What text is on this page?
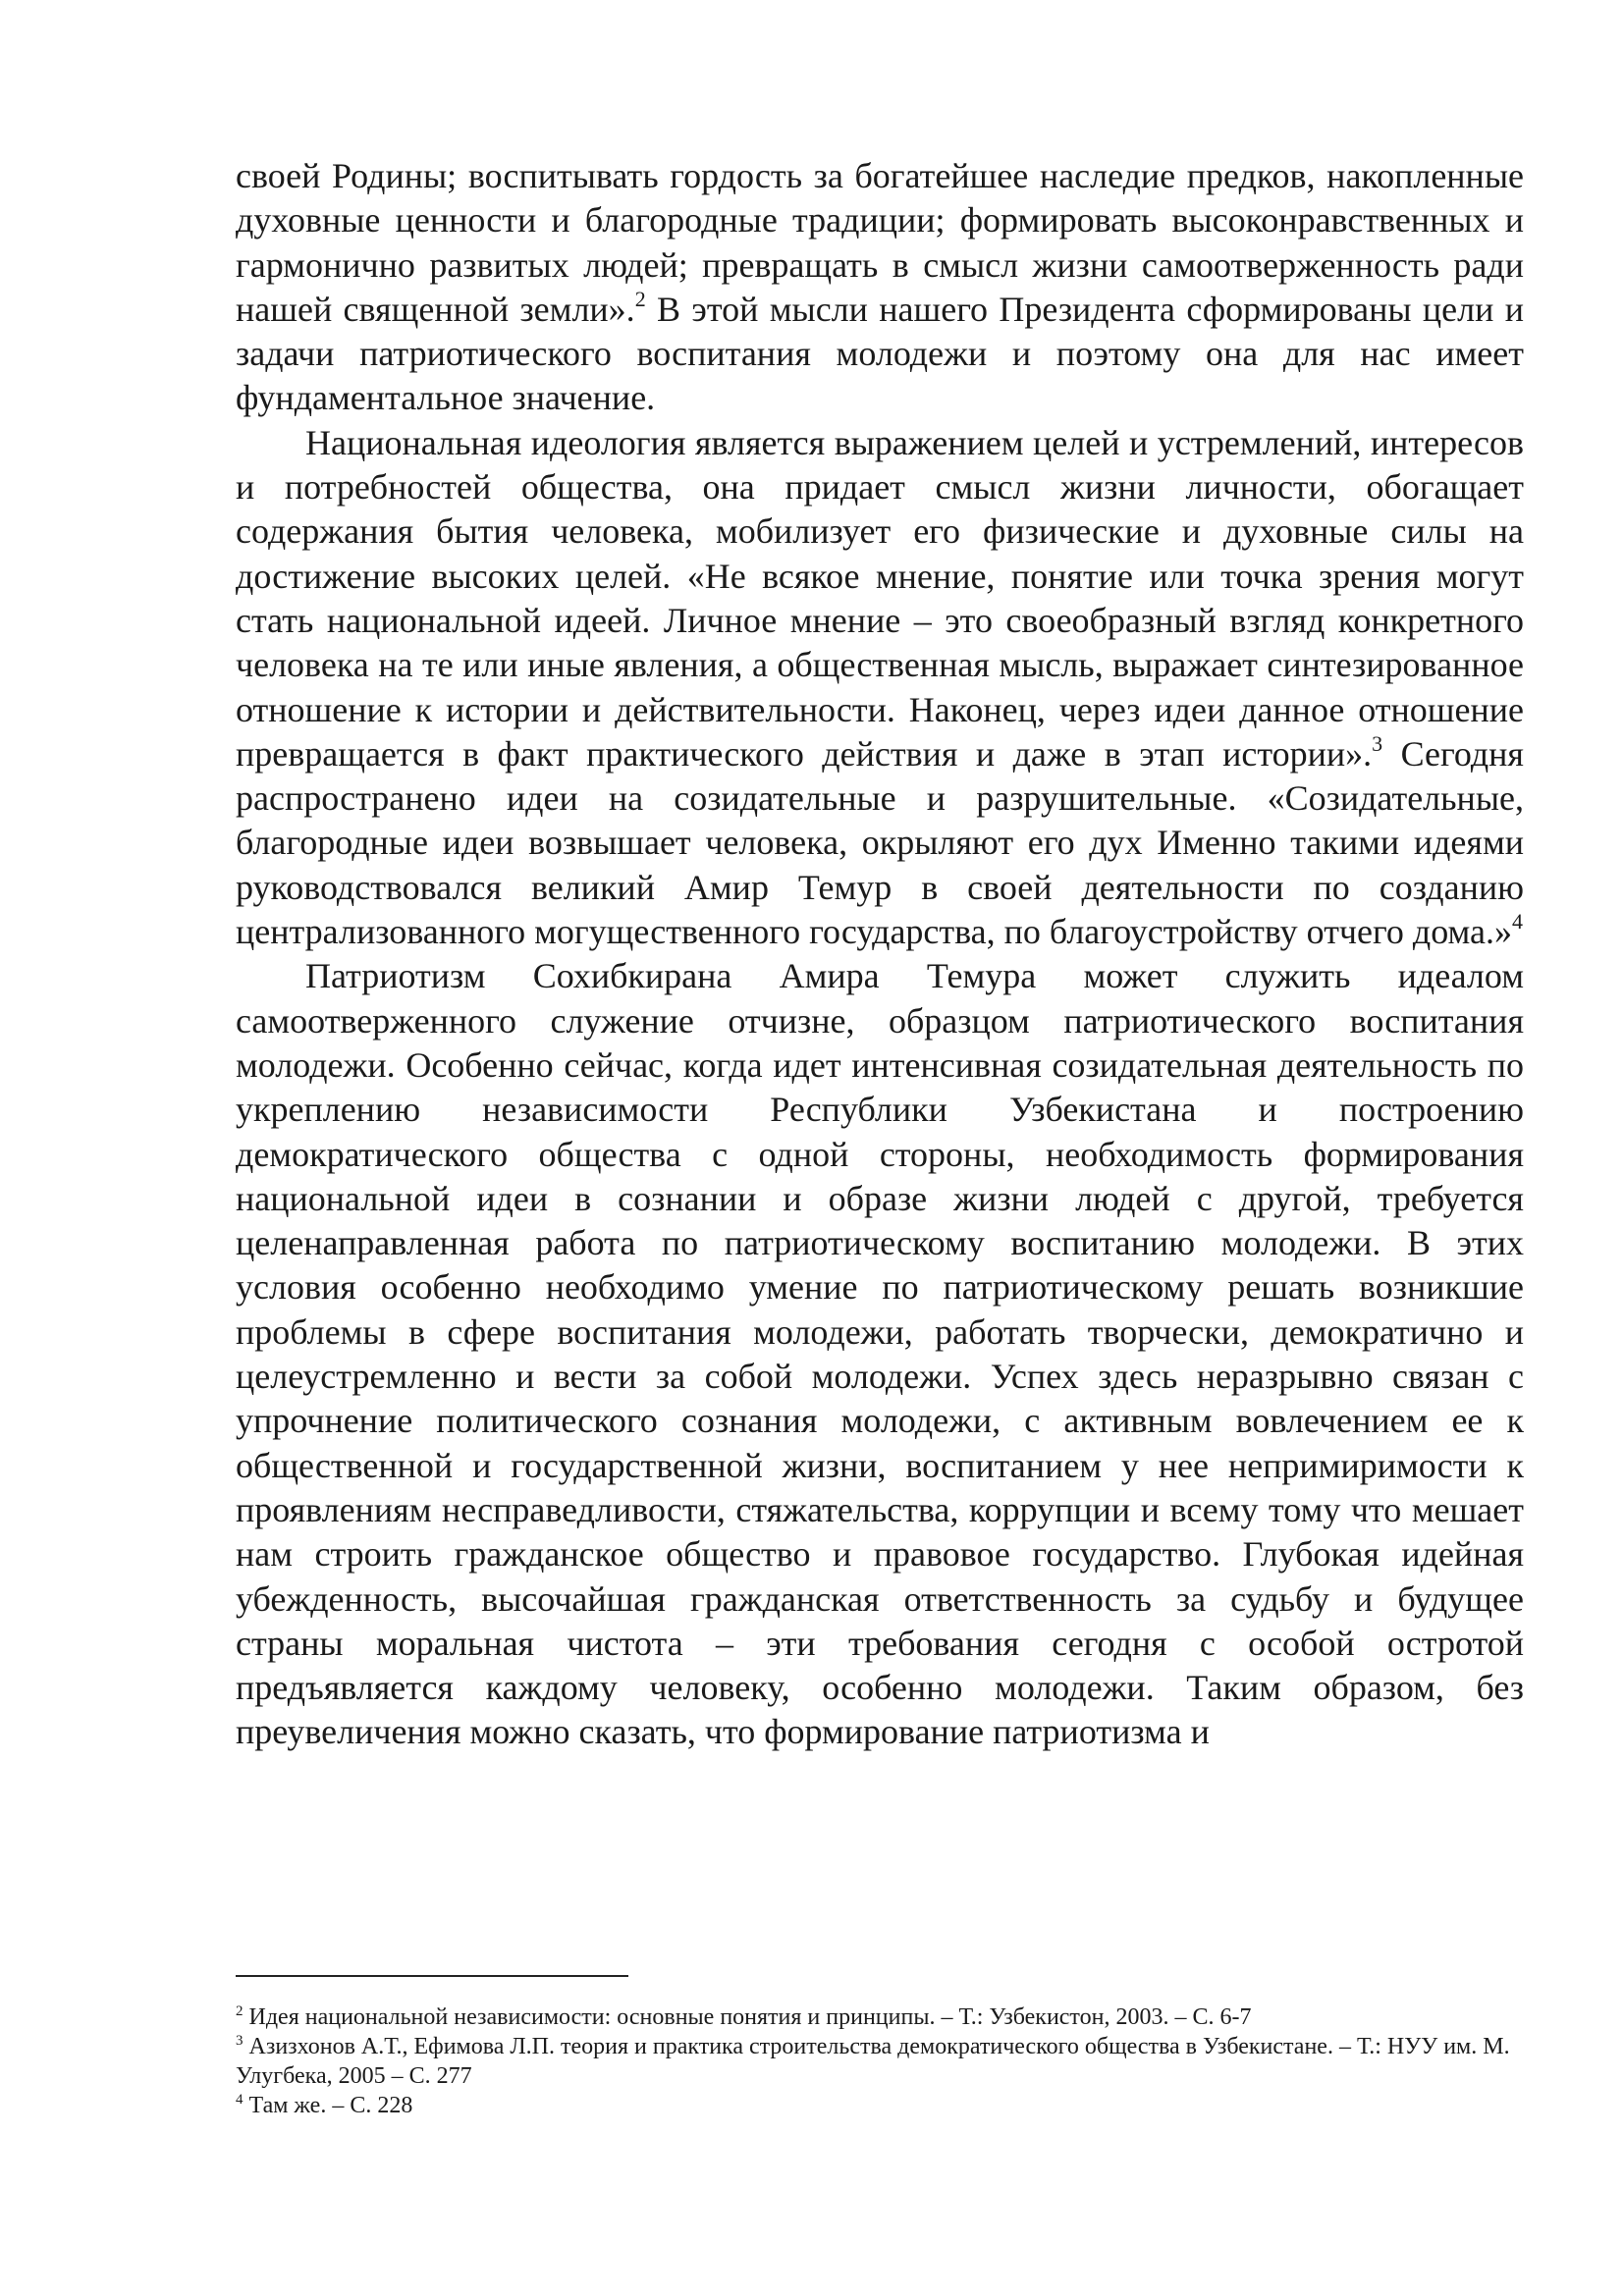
своей Родины; воспитывать гордость за богатейшее наследие предков, накопленные духовные ценности и благородные традиции; формировать высоконравственных и гармонично развитых людей; превращать в смысл жизни самоотверженность ради нашей священной земли».$^2$ В этой мысли нашего Президента сформированы цели и задачи патриотического воспитания молодежи и поэтому она для нас имеет фундаментальное значение.

Национальная идеология является выражением целей и устремлений, интересов и потребностей общества, она придает смысл жизни личности, обогащает содержания бытия человека, мобилизует его физические и духовные силы на достижение высоких целей. «Не всякое мнение, понятие или точка зрения могут стать национальной идеей. Личное мнение – это своеобразный взгляд конкретного человека на те или иные явления, а общественная мысль, выражает синтезированное отношение к истории и действительности. Наконец, через идеи данное отношение превращается в факт практического действия и даже в этап истории».$^3$ Сегодня распространено идеи на созидательные и разрушительные. «Созидательные, благородные идеи возвышает человека, окрыляют его дух Именно такими идеями руководствовался великий Амир Темур в своей деятельности по созданию централизованного могущественного государства, по благоустройству отчего дома.»$^4$

Патриотизм Сохибкирана Амира Темура может служить идеалом самоотверженного служение отчизне, образцом патриотического воспитания молодежи. Особенно сейчас, когда идет интенсивная созидательная деятельность по укреплению независимости Республики Узбекистана и построению демократического общества с одной стороны, необходимость формирования национальной идеи в сознании и образе жизни людей с другой, требуется целенаправленная работа по патриотическому воспитанию молодежи. В этих условия особенно необходимо умение по патриотическому решать возникшие проблемы в сфере воспитания молодежи, работать творчески, демократично и целеустремленно и вести за собой молодежи. Успех здесь неразрывно связан с упрочнение политического сознания молодежи, с активным вовлечением ее к общественной и государственной жизни, воспитанием у нее непримиримости к проявлениям несправедливости, стяжательства, коррупции и всему тому что мешает нам строить гражданское общество и правовое государство. Глубокая идейная убежденность, высочайшая гражданская ответственность за судьбу и будущее страны моральная чистота – эти требования сегодня с особой остротой предъявляется каждому человеку, особенно молодежи. Таким образом, без преувеличения можно сказать, что формирование патриотизма и

$^2$ Идея национальной независимости: основные понятия и принципы. – Т.: Узбекистон, 2003. – С. 6-7

$^3$ Азизхонов А.Т., Ефимова Л.П. теория и практика строительства демократического общества в Узбекистане. – Т.: НУУ им. М. Улугбека, 2005 – С. 277

$^4$ Там же. – С. 228
